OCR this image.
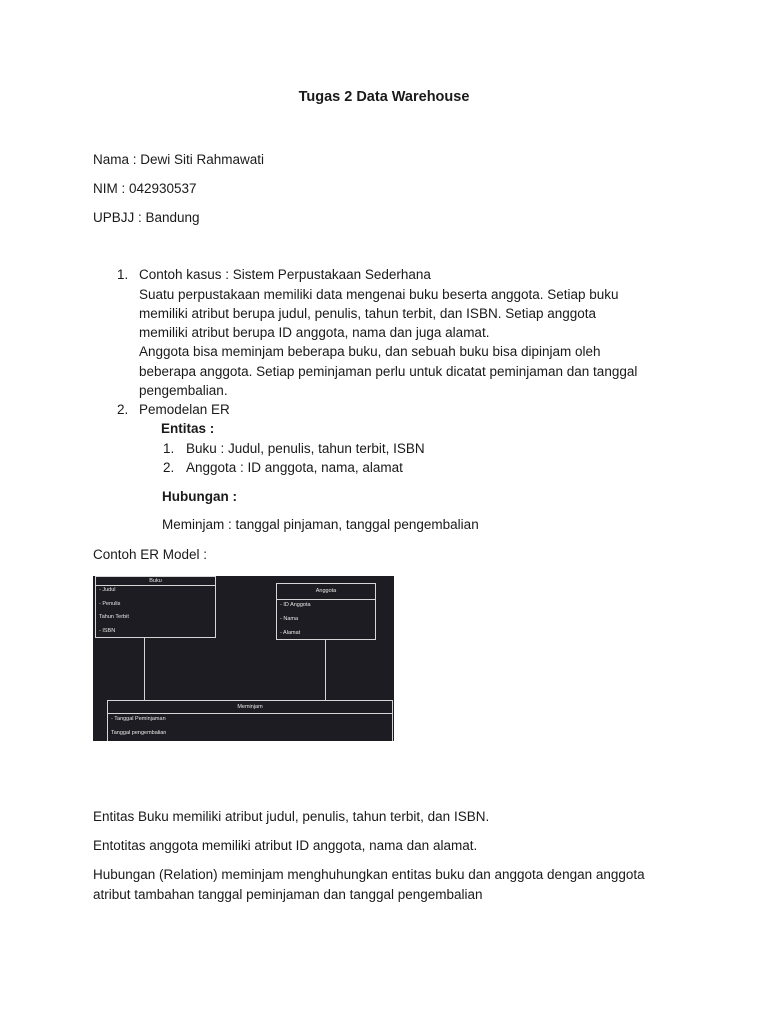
Tugas 2 Data Warehouse
Nama : Dewi Siti Rahmawati
NIM : 042930537
UPBJJ : Bandung
1. Contoh kasus : Sistem Perpustakaan Sederhana
Suatu perpustakaan memiliki data mengenai buku beserta anggota. Setiap buku
memiliki atribut berupa judul, penulis, tahun terbit, dan ISBN. Setiap anggota
memiliki atribut berupa ID anggota, nama dan juga alamat.
Anggota bisa meminjam beberapa buku, dan sebuah buku bisa dipinjam oleh
beberapa anggota. Setiap peminjaman perlu untuk dicatat peminjaman dan tanggal
pengembalian.
2. Pemodelan ER
Entitas :
1. Buku : Judul, penulis, tahun terbit, ISBN
2. Anggota : ID anggota, nama, alamat
Hubungan :
Meminjam : tanggal pinjaman, tanggal pengembalian
Contoh ER Model :
Buku
- Judul
- Penulis
Tahun Terbit
- ISBN
Anggota
- ID Anggota
- Nama
- Alamat
Meminjam
- Tanggal Peminjaman
Tanggal pengembalian
Entitas Buku memiliki atribut judul, penulis, tahun terbit, dan ISBN.
Entotitas anggota memiliki atribut ID anggota, nama dan alamat.
Hubungan (Relation) meminjam menghuhungkan entitas buku dan anggota dengan anggota
atribut tambahan tanggal peminjaman dan tanggal pengembalian
